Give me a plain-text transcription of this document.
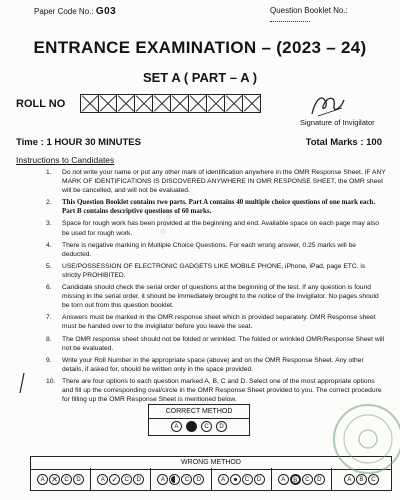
Paper Code No.: G03	Question Booklet No.:
ENTRANCE EXAMINATION – (2023 – 24)
SET A ( PART – A )
ROLL NO
Signature of Invigilator
Time : 1 HOUR 30 MINUTES	Total Marks : 100
Instructions to Candidates
1. Do not write your name or put any other mark of identification anywhere in the OMR Response Sheet. IF ANY MARK OF IDENTIFICATIONS IS DISCOVERED ANYWHERE IN OMR RESPONSE SHEET, the OMR sheet will be cancelled, and will not be evaluated.
2. This Question Booklet contains two parts. Part A contains 40 multiple choice questions of one mark each. Part B contains descriptive questions of 60 marks.
3. Space for rough work has been provided at the beginning and end. Available space on each page may also be used for rough work.
4. There is negative marking in Multiple Choice Questions. For each wrong answer, 0.25 marks will be deducted.
5. USE/POSSESSION OF ELECTRONIC GADGETS LIKE MOBILE PHONE, iPhone, iPad, page ETC. is strictly PROHIBITED.
6. Candidate should check the serial order of questions at the beginning of the test. If any question is found missing in the serial order, it should be immediately brought to the notice of the Invigilator. No pages should be torn out from this question booklet.
7. Answers must be marked in the OMR response sheet which is provided separately. OMR Response sheet must be handed over to the invigilator before you leave the seat.
8. The OMR response sheet should not be folded or wrinkled. The folded or wrinkled OMR/Response Sheet will not be evaluated.
9. Write your Roll Number in the appropriate space (above) and on the OMR Response Sheet. Any other details, if asked for, should be written only in the space provided.
10. There are four options to each question marked A, B, C and D. Select one of the most appropriate options and fill up the corresponding oval/circle in the OMR Response Sheet provided to you. The correct procedure for filling up the OMR Response Sheet is mentioned below.
CORRECT METHOD
A	C	D
WRONG METHOD
A ✕	C	D	A ✓	C	D	A	C	D	A	C	D	A	B	C	D	A	B	C
•••
